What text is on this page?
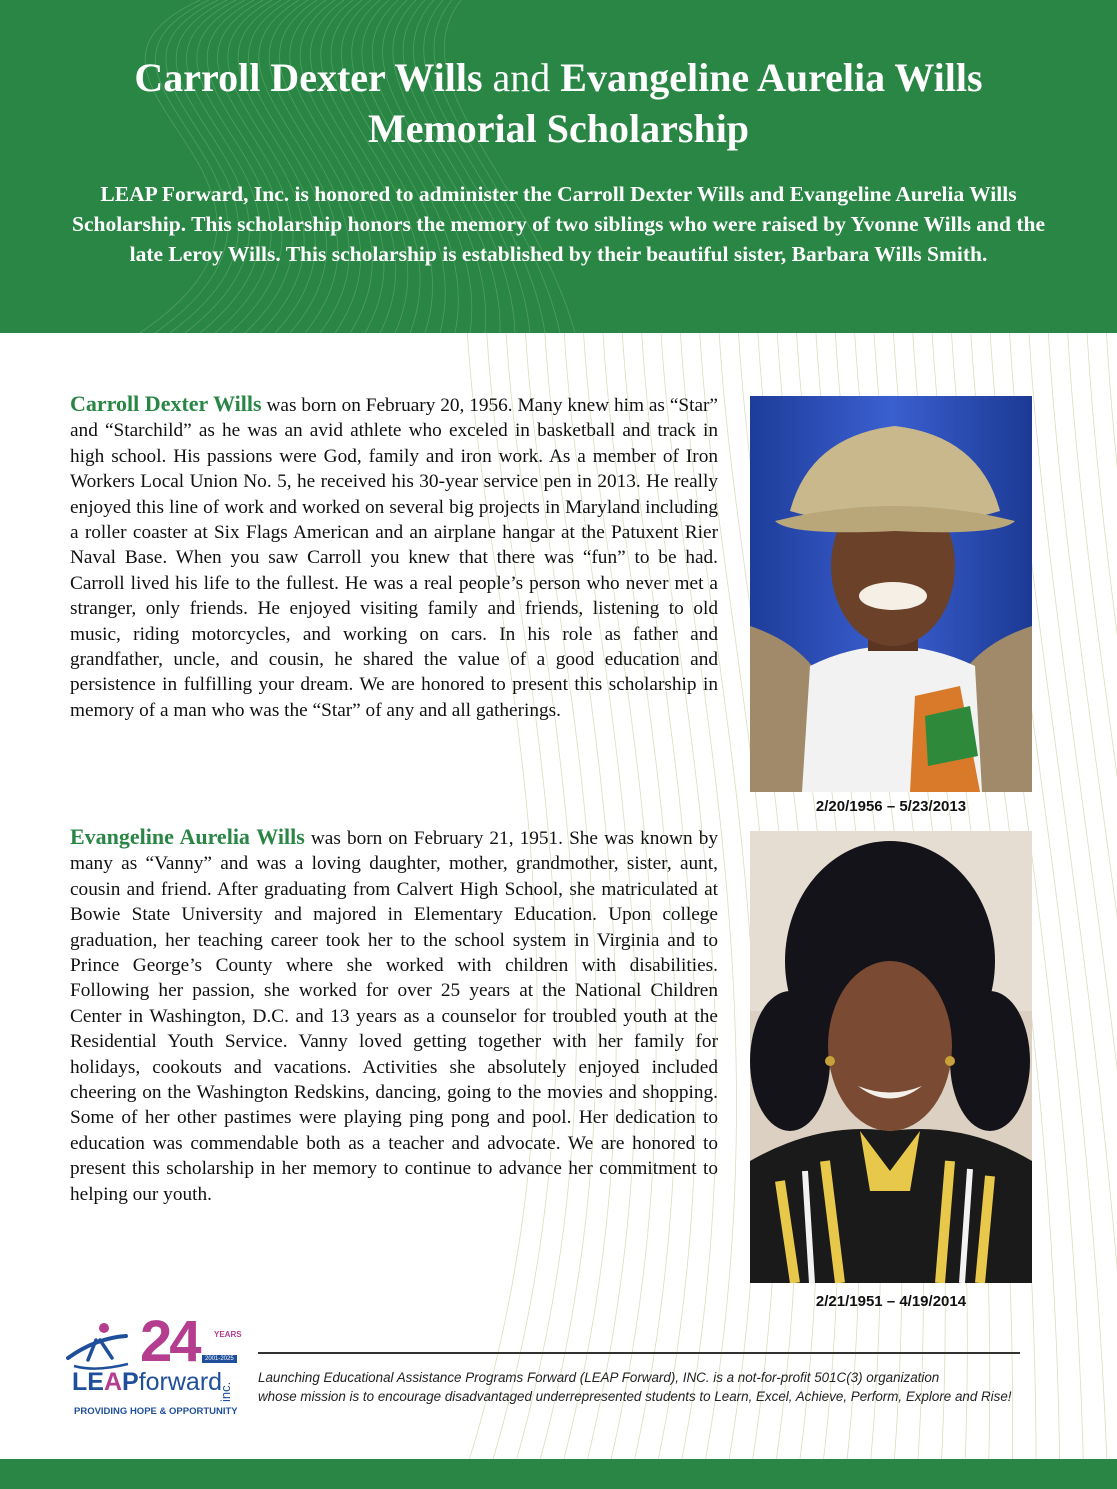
Carroll Dexter Wills and Evangeline Aurelia Wills
Memorial Scholarship

LEAP Forward, Inc. is honored to administer the Carroll Dexter Wills and Evangeline Aurelia Wills Scholarship. This scholarship honors the memory of two siblings who were raised by Yvonne Wills and the late Leroy Wills. This scholarship is established by their beautiful sister, Barbara Wills Smith.

Carroll Dexter Wills was born on February 20, 1956. Many knew him as “Star” and “Starchild” as he was an avid athlete who exceled in basketball and track in high school. His passions were God, family and iron work. As a member of Iron Workers Local Union No. 5, he received his 30-year service pen in 2013. He really enjoyed this line of work and worked on several big projects in Maryland including a roller coaster at Six Flags American and an airplane hangar at the Patuxent Rier Naval Base. When you saw Carroll you knew that there was “fun” to be had. Carroll lived his life to the fullest. He was a real people’s person who never met a stranger, only friends. He enjoyed visiting family and friends, listening to old music, riding motorcycles, and working on cars. In his role as father and grandfather, uncle, and cousin, he shared the value of a good education and persistence in fulfilling your dream. We are honored to present this scholarship in memory of a man who was the “Star” of any and all gatherings.

2/20/1956 – 5/23/2013

Evangeline Aurelia Wills was born on February 21, 1951. She was known by many as “Vanny” and was a loving daughter, mother, grandmother, sister, aunt, cousin and friend. After graduating from Calvert High School, she matriculated at Bowie State University and majored in Elementary Education. Upon college graduation, her teaching career took her to the school system in Virginia and to Prince George’s County where she worked with children with disabilities. Following her passion, she worked for over 25 years at the National Children Center in Washington, D.C. and 13 years as a counselor for troubled youth at the Residential Youth Service. Vanny loved getting together with her family for holidays, cookouts and vacations. Activities she absolutely enjoyed included cheering on the Washington Redskins, dancing, going to the movies and shopping. Some of her other pastimes were playing ping pong and pool. Her dedication to education was commendable both as a teacher and advocate. We are honored to present this scholarship in her memory to continue to advance her commitment to helping our youth.

2/21/1951 – 4/19/2014

24 YEARS
2001-2025
LEAPforward
inc.
PROVIDING HOPE & OPPORTUNITY

Launching Educational Assistance Programs Forward (LEAP Forward), INC. is a not-for-profit 501C(3) organization
whose mission is to encourage disadvantaged underrepresented students to Learn, Excel, Achieve, Perform, Explore and Rise!
